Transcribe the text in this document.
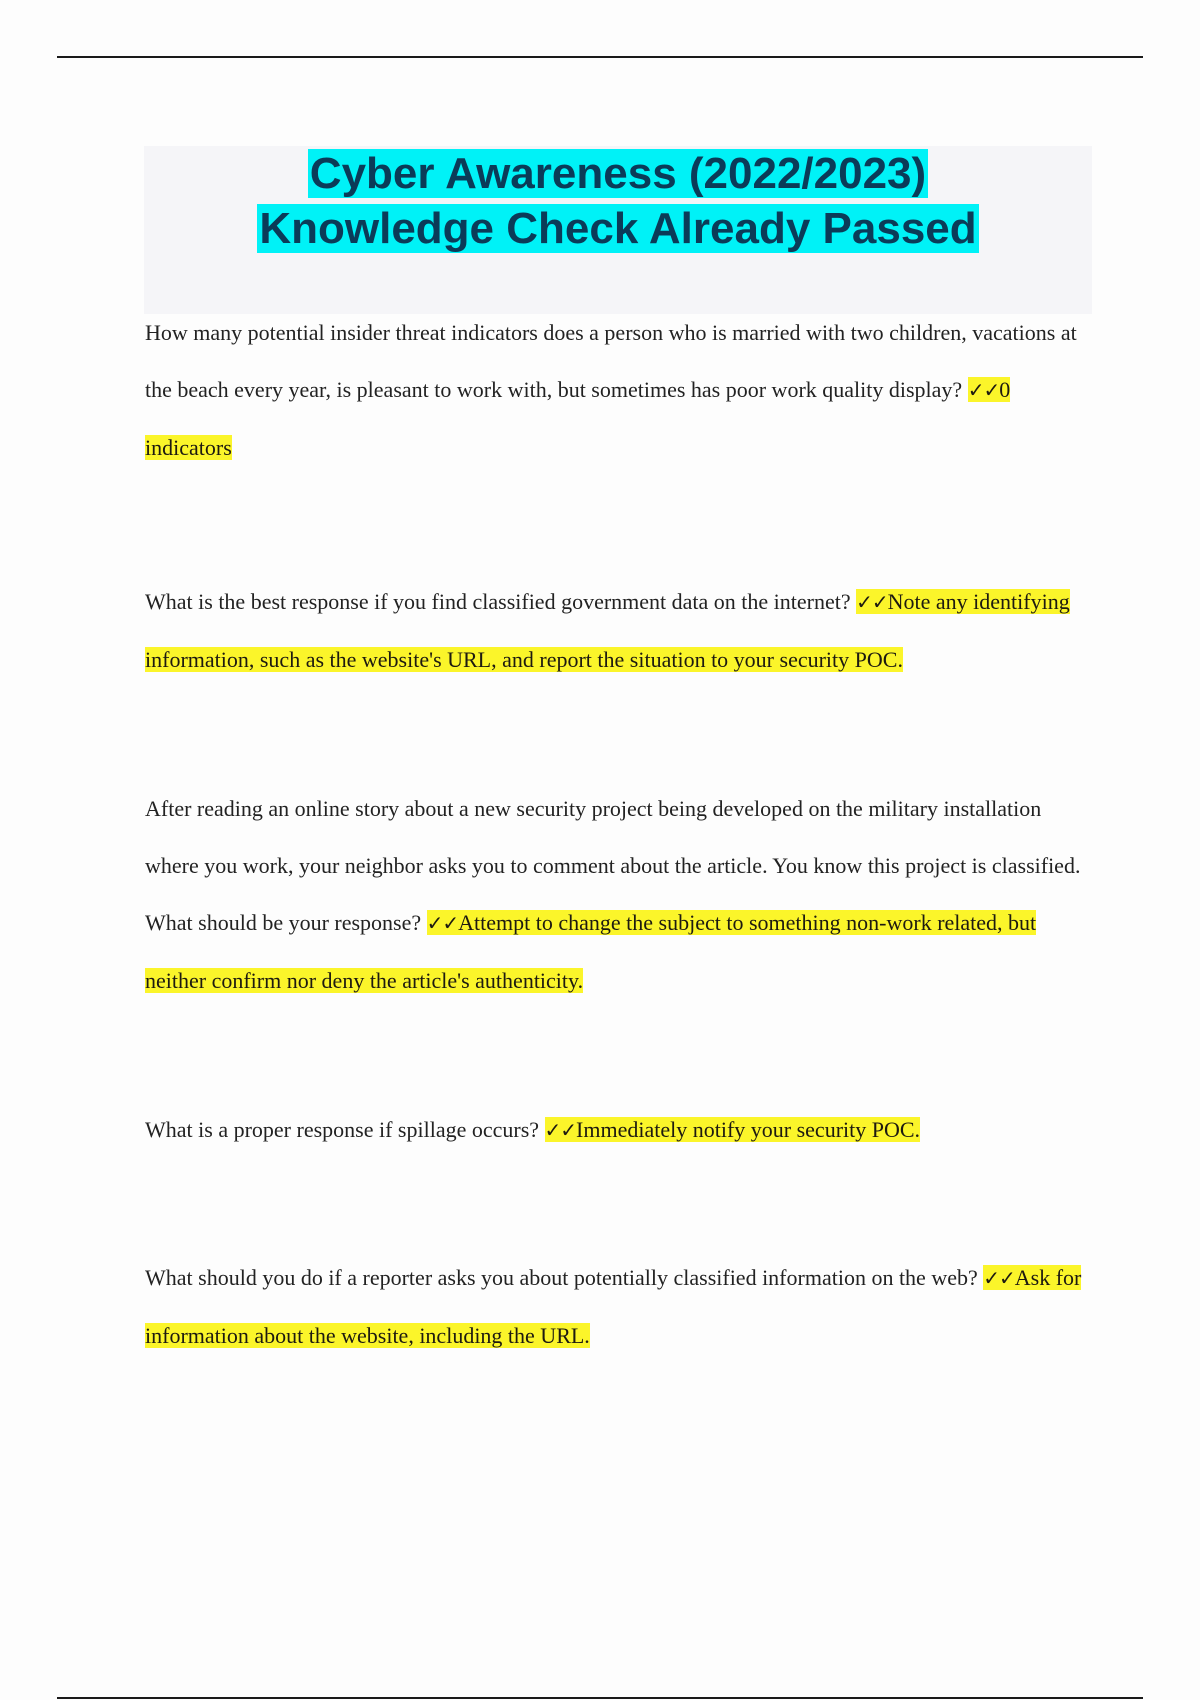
Cyber Awareness (2022/2023)
Knowledge Check Already Passed

How many potential insider threat indicators does a person who is married with two children, vacations at the beach every year, is pleasant to work with, but sometimes has poor work quality display? ✓✓0 indicators

What is the best response if you find classified government data on the internet? ✓✓Note any identifying information, such as the website's URL, and report the situation to your security POC.

After reading an online story about a new security project being developed on the military installation where you work, your neighbor asks you to comment about the article. You know this project is classified. What should be your response? ✓✓Attempt to change the subject to something non-work related, but neither confirm nor deny the article's authenticity.

What is a proper response if spillage occurs? ✓✓Immediately notify your security POC.

What should you do if a reporter asks you about potentially classified information on the web? ✓✓Ask for information about the website, including the URL.
